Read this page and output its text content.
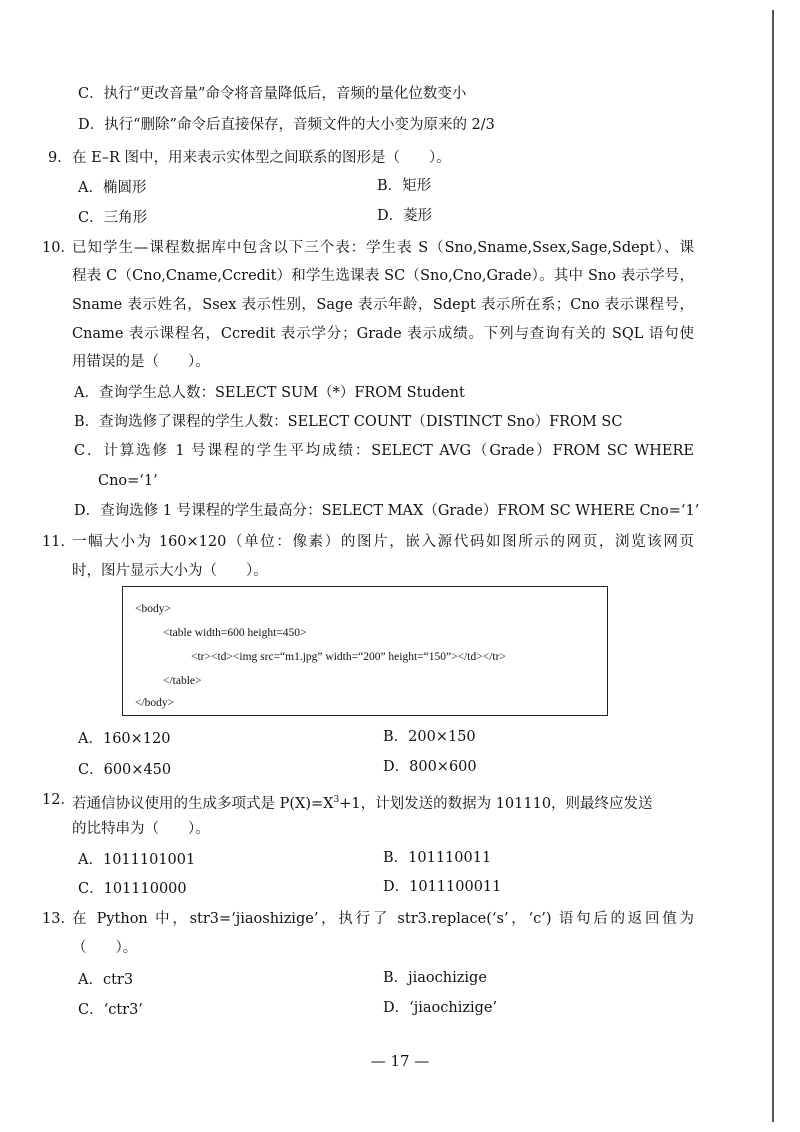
C．执行“更改音量”命令将音量降低后，音频的量化位数变小
D．执行“删除”命令后直接保存，音频文件的大小变为原来的 2/3
9． 在 E–R 图中，用来表示实体型之间联系的图形是（　　）。
A．椭圆形	B．矩形
C．三角形	D．菱形
10．
已知学生—课程数据库中包含以下三个表：学生表 S（Sno,Sname,Ssex,Sage,Sdept）、课
程表 C（Cno,Cname,Ccredit）和学生选课表 SC（Sno,Cno,Grade）。其中 Sno 表示学号，
Sname 表示姓名，Ssex 表示性别，Sage 表示年龄，Sdept 表示所在系；Cno 表示课程号，
Cname 表示课程名，Ccredit 表示学分；Grade 表示成绩。下列与查询有关的 SQL 语句使
用错误的是（　　）。
A．查询学生总人数：SELECT SUM（*）FROM Student
B．查询选修了课程的学生人数：SELECT COUNT（DISTINCT Sno）FROM SC
C．计算选修 1 号课程的学生平均成绩：SELECT AVG（Grade）FROM SC WHERE
Cno=‘1’
D．查询选修 1 号课程的学生最高分：SELECT MAX（Grade）FROM SC WHERE Cno=‘1’
11．
一幅大小为 160×120（单位：像素）的图片，嵌入源代码如图所示的网页，浏览该网页
时，图片显示大小为（　　）。
<body>
<table width=600 height=450>
<tr><td><img src=“m1.jpg” width=“200” height=“150”></td></tr>
</table>
</body>
A．160×120	B．200×150
C．600×450	D．800×600
12．
若通信协议使用的生成多项式是 $P(X)=X^3+1$，计划发送的数据为 101110，则最终应发送
的比特串为（　　）。
A．1011101001	B．101110011
C．101110000	D．1011100011
13．
在 Python 中，str3=‘jiaoshizige’，执行了 str3.replace(‘s’，‘c’) 语句后的返回值为
（　　）。
A．ctr3	B．jiaochizige
C．‘ctr3’	D．‘jiaochizige’
— 17 —
